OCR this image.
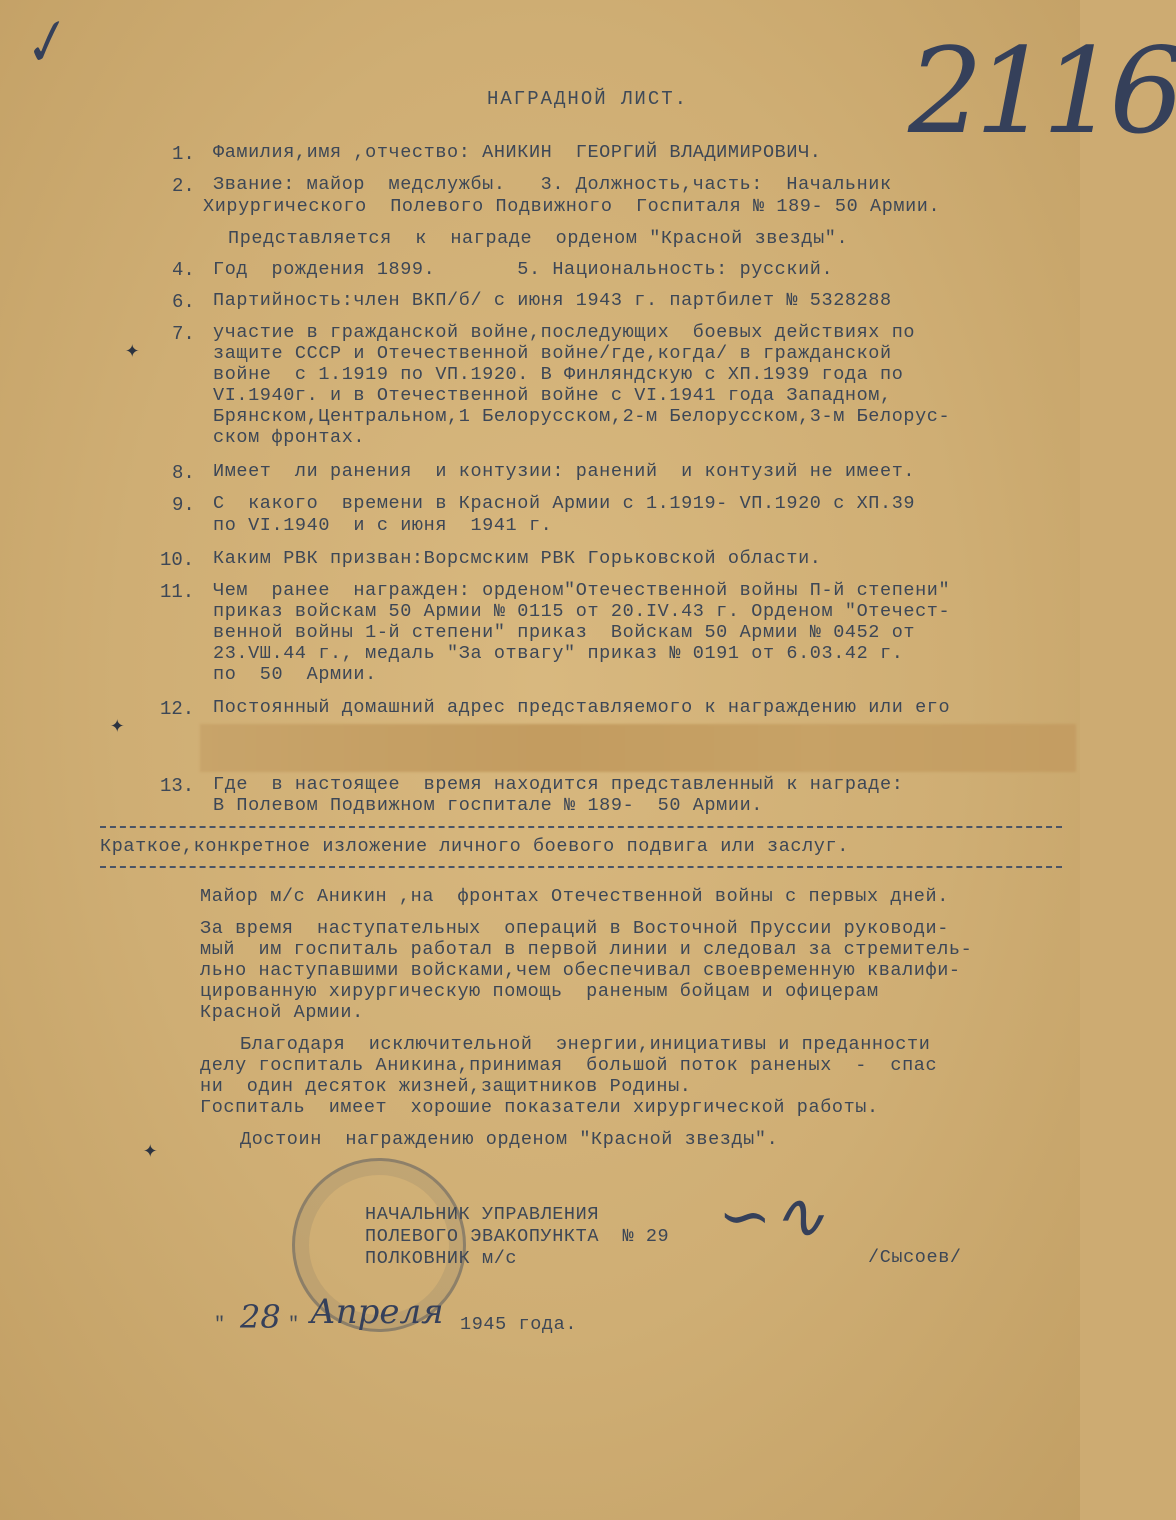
✓	2116
НАГРАДНОЙ ЛИСТ.
1. Фамилия,имя ,отчество: АНИКИН  ГЕОРГИЙ ВЛАДИМИРОВИЧ.
2. Звание: майор  медслужбы.   3. Должность,часть:  Начальник
Хирургического  Полевого Подвижного  Госпиталя № 189- 50 Армии.
Представляется  к  награде  орденом "Красной звезды".
4. Год  рождения 1899.       5. Национальность: русский.
6. Партийность:член ВКП/б/ с июня 1943 г. партбилет № 5328288
✦
7. участие в гражданской войне,последующих  боевых действиях по
защите СССР и Отечественной войне/где,когда/ в гражданской
войне  с 1.1919 по VП.1920. В Финляндскую с ХП.1939 года по
VI.1940г. и в Отечественной войне с VI.1941 года Западном,
Брянском,Центральном,1 Белорусском,2-м Белорусском,3-м Белорус-
ском фронтах.
8. Имеет  ли ранения  и контузии: ранений  и контузий не имеет.
9. С  какого  времени в Красной Армии с 1.1919- VП.1920 с ХП.39
по VI.1940  и с июня  1941 г.
10. Каким РВК призван:Ворсмским РВК Горьковской области.
11. Чем  ранее  награжден: орденом"Отечественной войны П-й степени"
приказ войскам 50 Армии № 0115 от 20.IV.43 г. Орденом "Отечест-
венной войны 1-й степени" приказ  Войскам 50 Армии № 0452 от
23.VШ.44 г., медаль "За отвагу" приказ № 0191 от 6.03.42 г.
по  50  Армии.
✦
12. Постоянный домашний адрес представляемого к награждению или его
13. Где  в настоящее  время находится представленный к награде:
В Полевом Подвижном госпитале № 189-  50 Армии.
Краткое,конкретное изложение личного боевого подвига или заслуг.
Майор м/с Аникин ,на  фронтах Отечественной войны с первых дней.
За время  наступательных  операций в Восточной Пруссии руководи-
мый  им госпиталь работал в первой линии и следовал за стремитель-
льно наступавшими войсками,чем обеспечивал своевременную квалифи-
цированную хирургическую помощь  раненым бойцам и офицерам
Красной Армии.
Благодаря  исключительной  энергии,инициативы и преданности
делу госпиталь Аникина,принимая  большой поток раненых  -  спас
ни  один десяток жизней,защитников Родины.
Госпиталь  имеет  хорошие показатели хирургической работы.
✦	Достоин  награждению орденом "Красной звезды".
НАЧАЛЬНИК УПРАВЛЕНИЯ
ПОЛЕВОГО ЭВАКОПУНКТА  № 29
ПОЛКОВНИК м/с
∽∿
/Сысоев/
" 28 " Апреля 1945 года.
